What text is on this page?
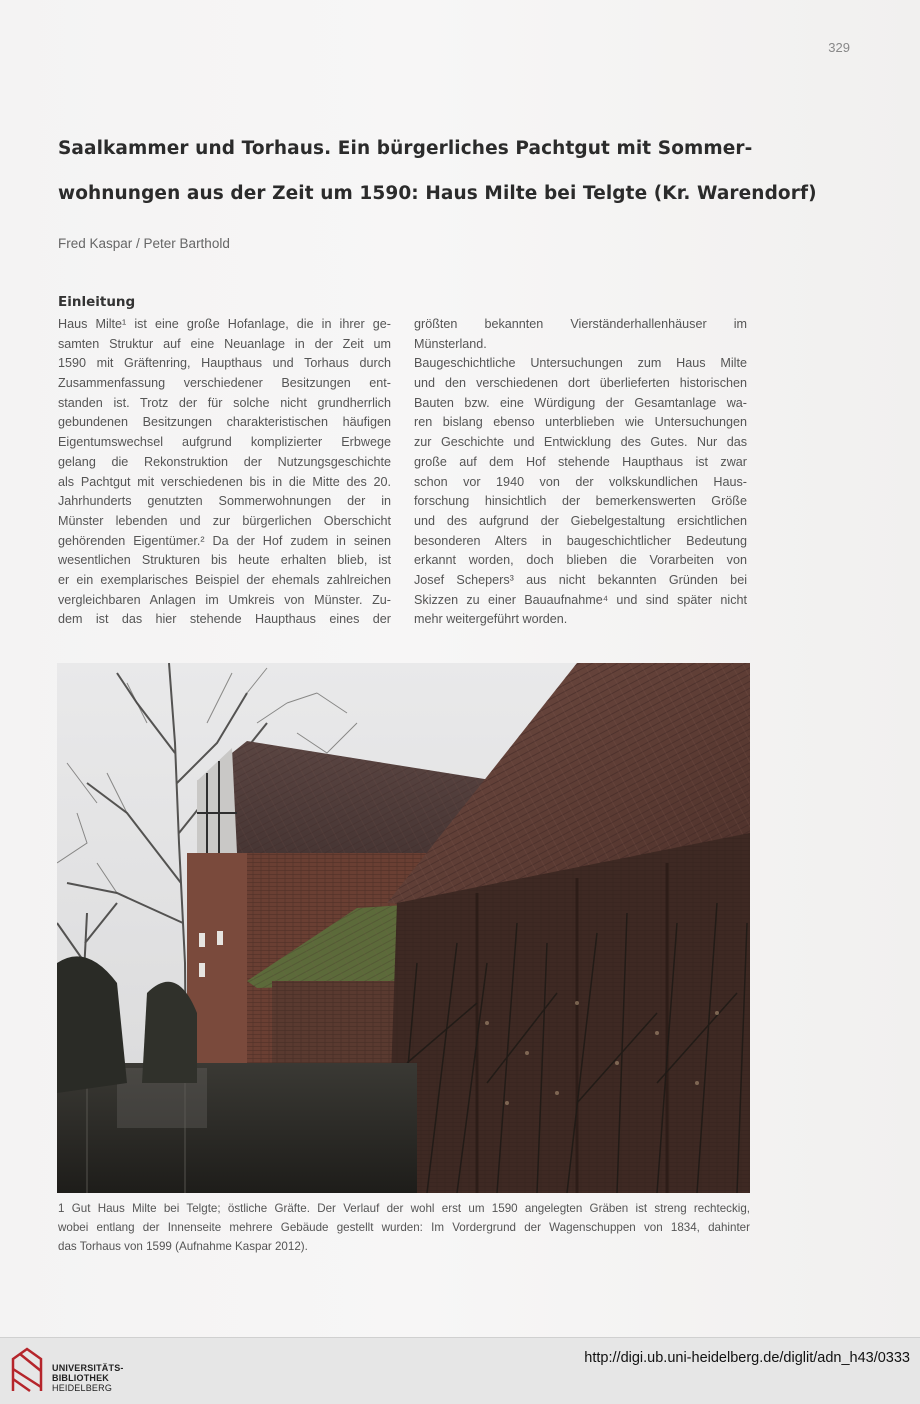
329
Saalkammer und Torhaus. Ein bürgerliches Pachtgut mit Sommer-
wohnungen aus der Zeit um 1590: Haus Milte bei Telgte (Kr. Warendorf)
Fred Kaspar / Peter Barthold
Einleitung
Haus Milte¹ ist eine große Hofanlage, die in ihrer ge-
samten Struktur auf eine Neuanlage in der Zeit um
1590 mit Gräftenring, Haupthaus und Torhaus durch
Zusammenfassung verschiedener Besitzungen ent-
standen ist. Trotz der für solche nicht grundherrlich
gebundenen Besitzungen charakteristischen häufigen
Eigentumswechsel aufgrund komplizierter Erbwege
gelang die Rekonstruktion der Nutzungsgeschichte
als Pachtgut mit verschiedenen bis in die Mitte des 20.
Jahrhunderts genutzten Sommerwohnungen der in
Münster lebenden und zur bürgerlichen Oberschicht
gehörenden Eigentümer.² Da der Hof zudem in seinen
wesentlichen Strukturen bis heute erhalten blieb, ist
er ein exemplarisches Beispiel der ehemals zahlreichen
vergleichbaren Anlagen im Umkreis von Münster. Zu-
dem ist das hier stehende Haupthaus eines der
größten bekannten Vierständerhallenhäuser im
Münsterland.
Baugeschichtliche Untersuchungen zum Haus Milte
und den verschiedenen dort überlieferten historischen
Bauten bzw. eine Würdigung der Gesamtanlage wa-
ren bislang ebenso unterblieben wie Untersuchungen
zur Geschichte und Entwicklung des Gutes. Nur das
große auf dem Hof stehende Haupthaus ist zwar
schon vor 1940 von der volkskundlichen Haus-
forschung hinsichtlich der bemerkenswerten Größe
und des aufgrund der Giebelgestaltung ersichtlichen
besonderen Alters in baugeschichtlicher Bedeutung
erkannt worden, doch blieben die Vorarbeiten von
Josef Schepers³ aus nicht bekannten Gründen bei
Skizzen zu einer Bauaufnahme⁴ und sind später nicht
mehr weitergeführt worden.
1 Gut Haus Milte bei Telgte; östliche Gräfte. Der Verlauf der wohl erst um 1590 angelegten Gräben ist streng rechteckig,
wobei entlang der Innenseite mehrere Gebäude gestellt wurden: Im Vordergrund der Wagenschuppen von 1834, dahinter
das Torhaus von 1599 (Aufnahme Kaspar 2012).
UNIVERSITÄTS-
BIBLIOTHEK
HEIDELBERG
http://digi.ub.uni-heidelberg.de/diglit/adn_h43/0333
